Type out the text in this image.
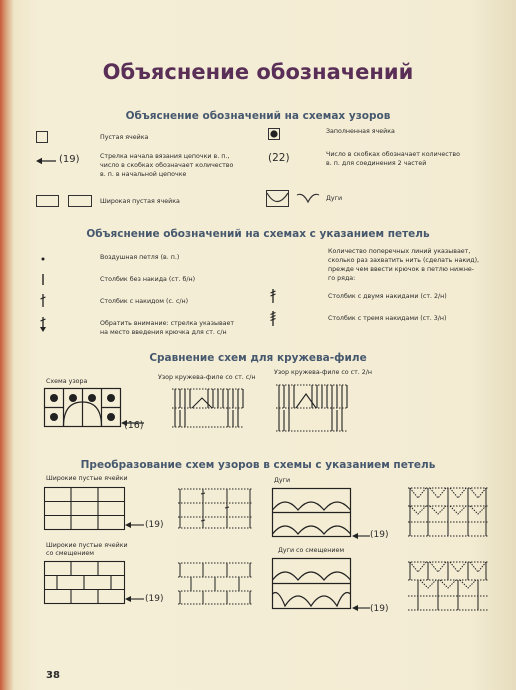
Объяснение обозначений
Объяснение обозначений на схемах узоров
Пустая ячейка
Заполненная ячейка
(19)	Стрелка начала вязания цепочки в. п.,
число в скобках обозначает количество
в. п. в начальной цепочке
(22)	Число в скобках обозначает количество
в. п. для соединения 2 частей
Широкая пустая ячейка	Дуги
Объяснение обозначений на схемах с указанием петель
Воздушная петля (в. п.)
Столбик без накида (ст. б/н)
Столбик с накидом (с. с/н)
Обратить внимание: стрелка указывает
на место введения крючка для ст. с/н
Количество поперечных линий указывает,
сколько раз захватить нить (сделать накид),
прежде чем ввести крючок в петлю нижне-
го ряда:
Столбик с двумя накидами (ст. 2/н)
Столбик с тремя накидами (ст. 3/н)
Сравнение схем для кружева-филе
Схема узора
(16)
Узор кружева-филе со ст. с/н
Узор кружева-филе со ст. 2/н
Преобразование схем узоров в схемы с указанием петель
Широкие пустые ячейки
(19)
Дуги
(19)
Широкие пустые ячейки
со смещением
(19)
Дуги со смещением
(19)
38
